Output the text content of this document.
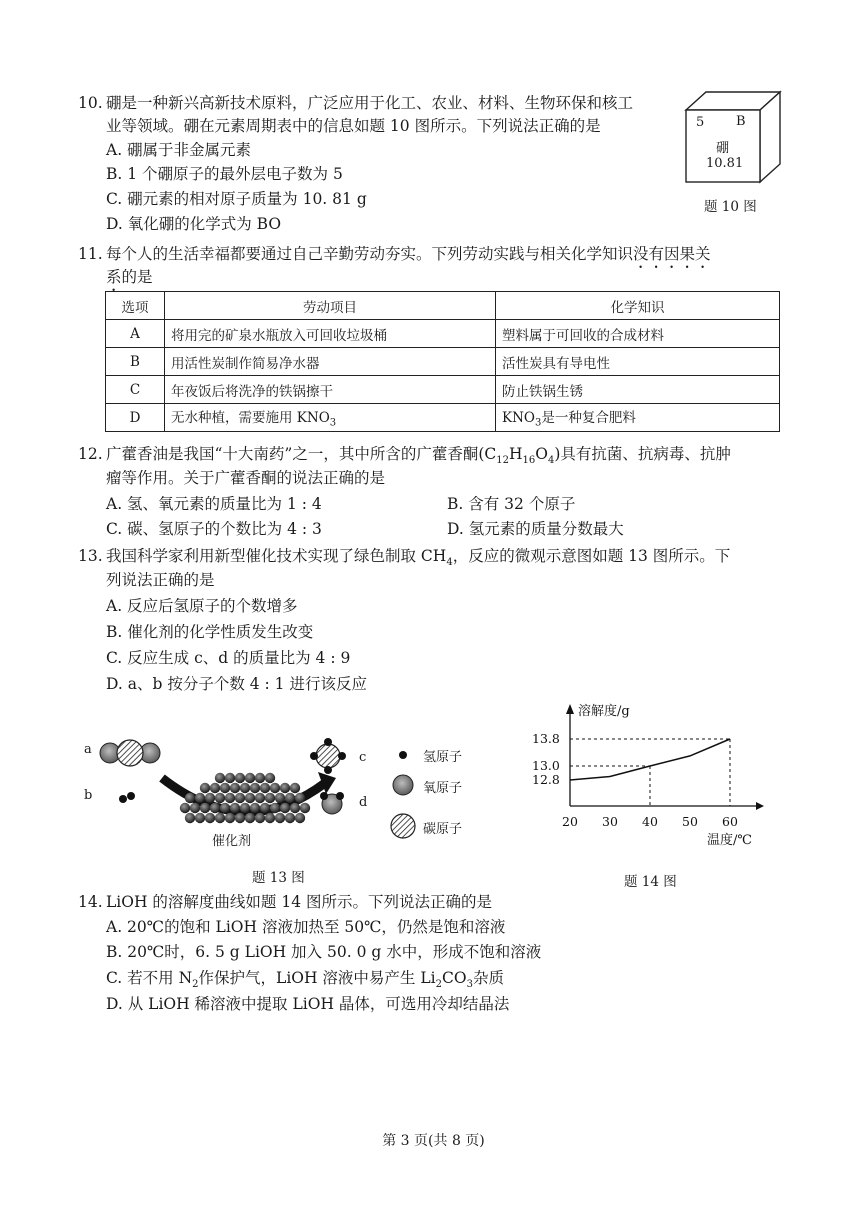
10. 硼是一种新兴高新技术原料，广泛应用于化工、农业、材料、生物环保和核工
业等领域。硼在元素周期表中的信息如题 10 图所示。下列说法正确的是
A. 硼属于非金属元素
B. 1 个硼原子的最外层电子数为 5
C. 硼元素的相对原子质量为 10. 81 g
D. 氧化硼的化学式为 BO
5 B
硼
10.81
题 10 图
11. 每个人的生活幸福都要通过自己辛勤劳动夯实。下列劳动实践与相关化学知识没有因果关
系的是
选项	劳动项目	化学知识
A	将用完的矿泉水瓶放入可回收垃圾桶	塑料属于可回收的合成材料
B	用活性炭制作简易净水器	活性炭具有导电性
C	年夜饭后将洗净的铁锅擦干	防止铁锅生锈
D	无水种植，需要施用 $KNO_3$	$KNO_3$是一种复合肥料
12. 广藿香油是我国“十大南药”之一，其中所含的广藿香酮$(C_{12}H_{16}O_4)$具有抗菌、抗病毒、抗肿
瘤等作用。关于广藿香酮的说法正确的是
A. 氢、氧元素的质量比为 1 : 4	B. 含有 32 个原子
C. 碳、氢原子的个数比为 4 : 3	D. 氢元素的质量分数最大
13. 我国科学家利用新型催化技术实现了绿色制取 $CH_4$，反应的微观示意图如题 13 图所示。下
列说法正确的是
A. 反应后氢原子的个数增多
B. 催化剂的化学性质发生改变
C. 反应生成 c、d 的质量比为 4 : 9
D. a、b 按分子个数 4 : 1 进行该反应
a
b
c
d
催化剂
氢原子
氧原子
碳原子
题 13 图
溶解度/g
温度/℃
20 30 40 50 60
12.8
13.0
13.8
题 14 图
14. LiOH 的溶解度曲线如题 14 图所示。下列说法正确的是
A. 20℃的饱和 LiOH 溶液加热至 50℃，仍然是饱和溶液
B. 20℃时，6. 5 g LiOH 加入 50. 0 g 水中，形成不饱和溶液
C. 若不用 $N_2$作保护气，LiOH 溶液中易产生 $Li_2CO_3$杂质
D. 从 LiOH 稀溶液中提取 LiOH 晶体，可选用冷却结晶法
第 3 页(共 8 页)
